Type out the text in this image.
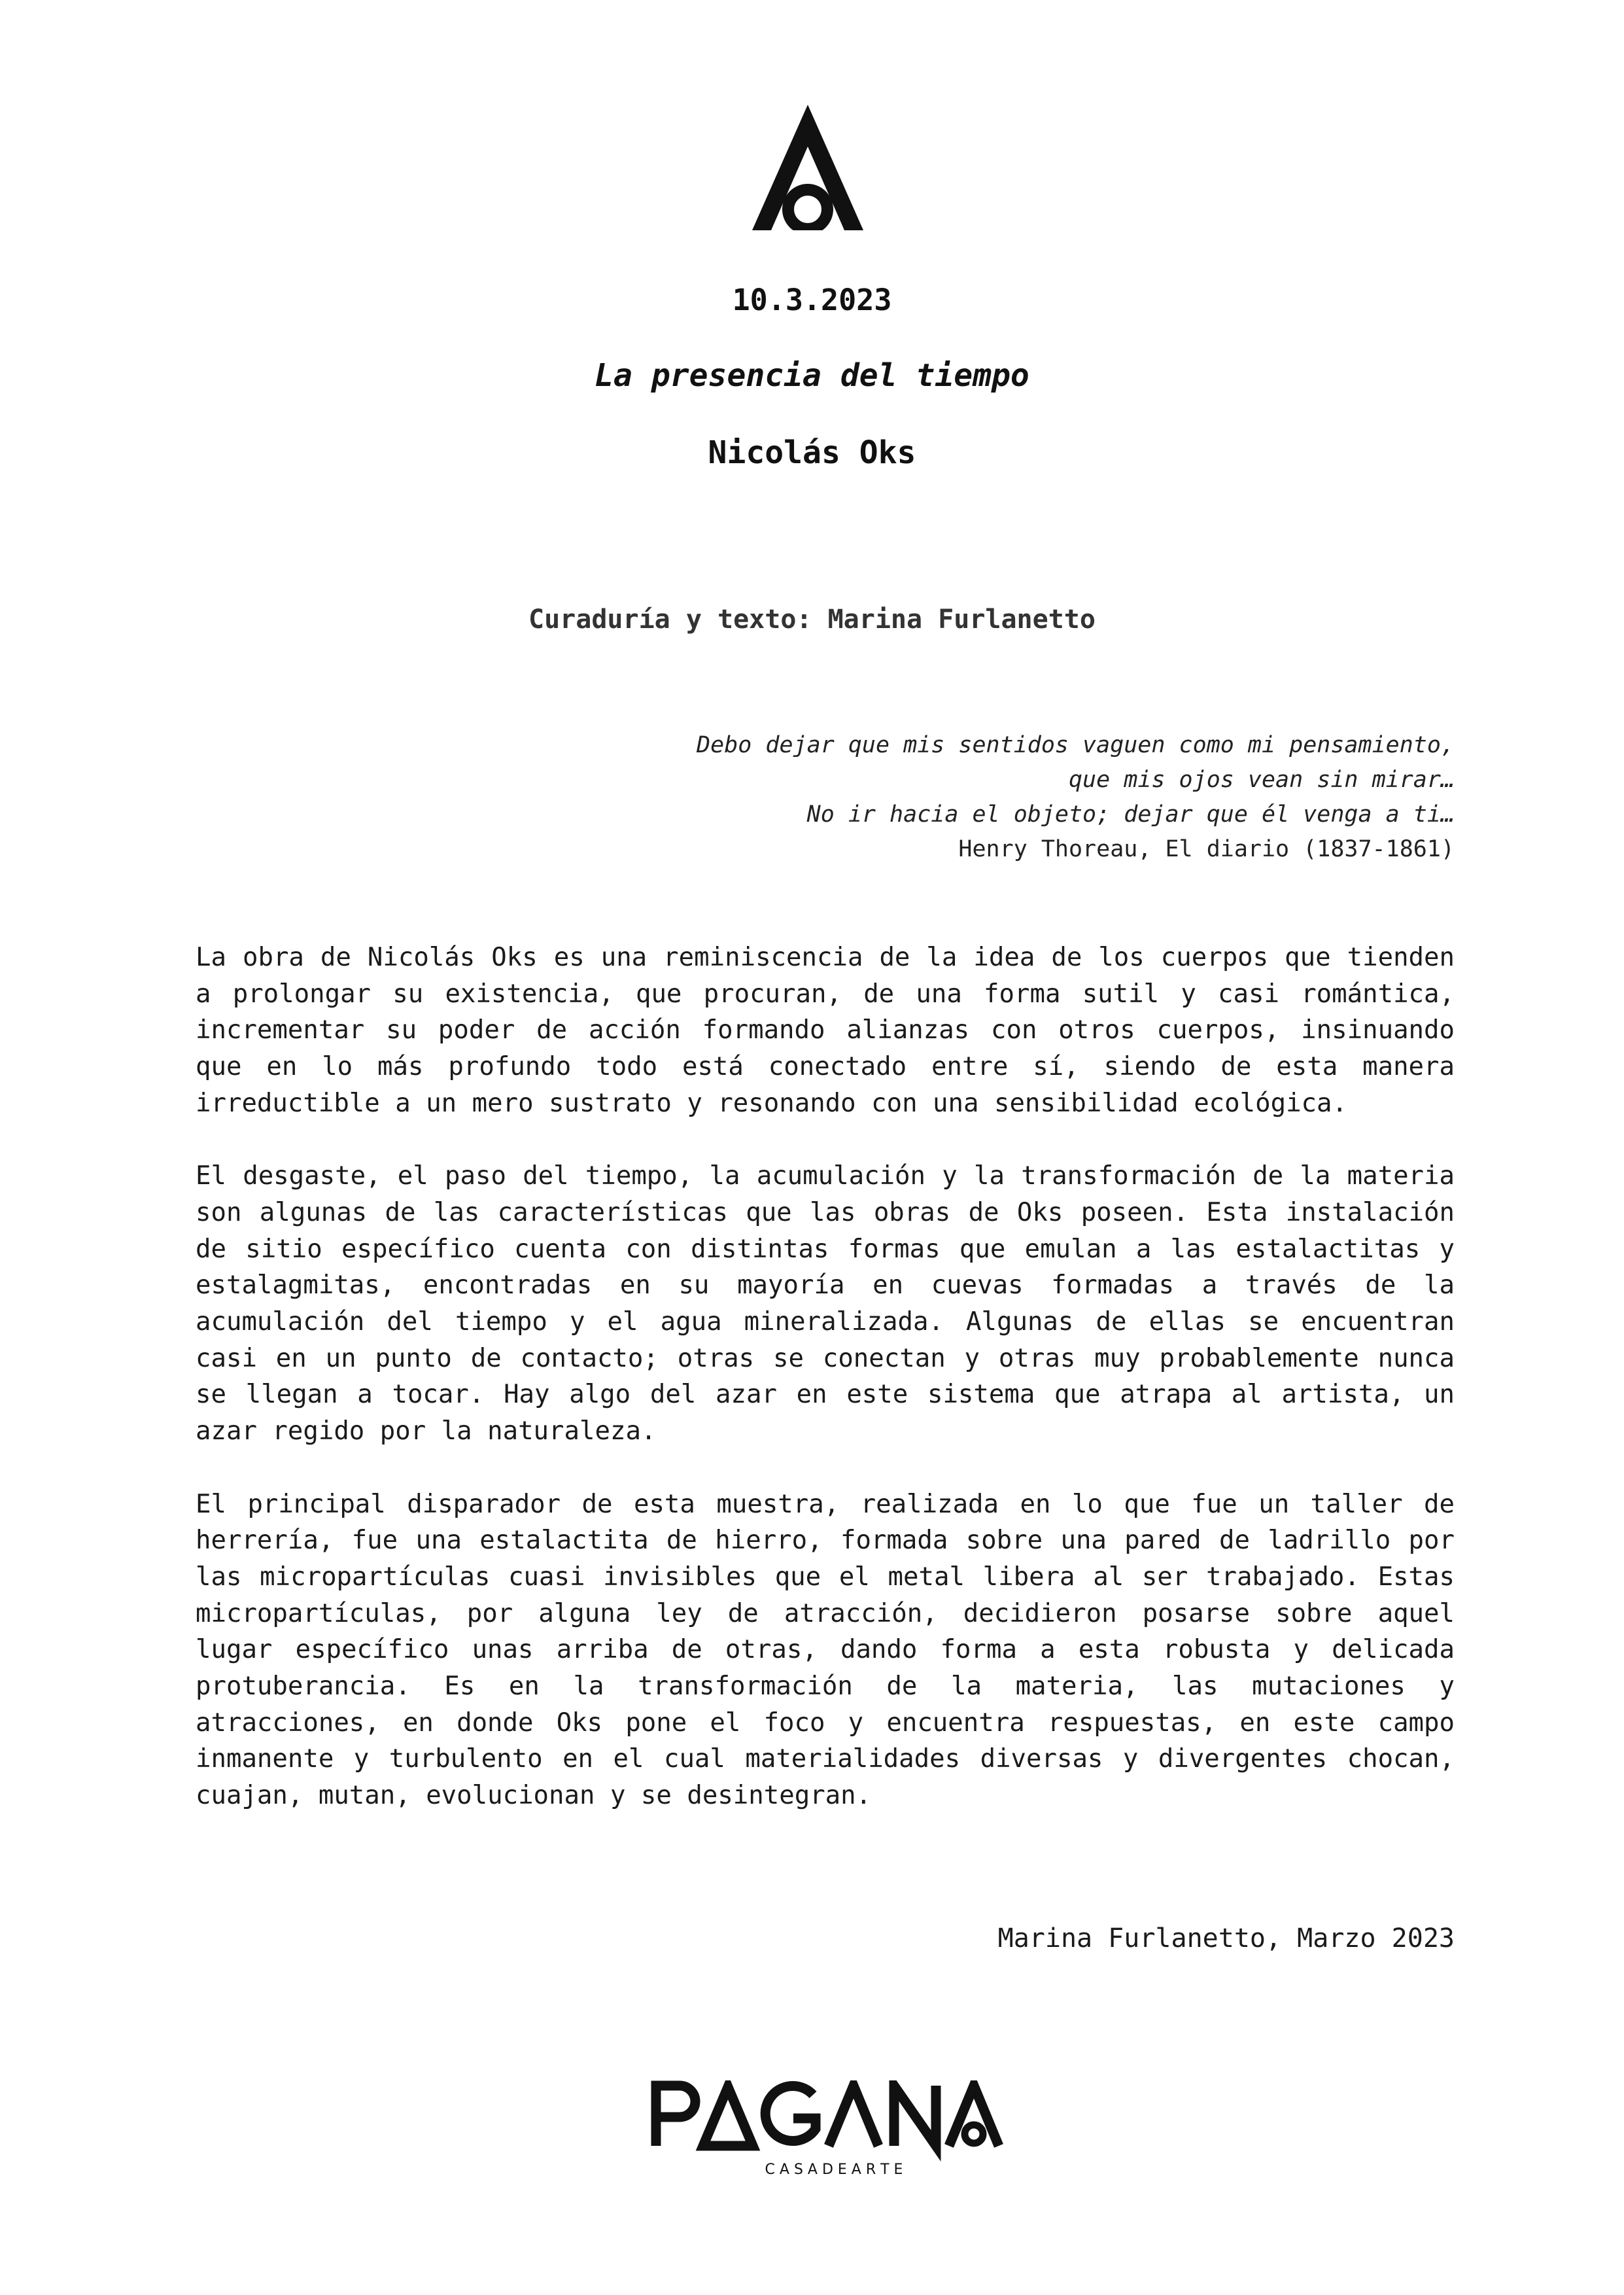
10.3.2023
La presencia del tiempo
Nicolás Oks
Curaduría y texto: Marina Furlanetto
Debo dejar que mis sentidos vaguen como mi pensamiento,
que mis ojos vean sin mirar…
No ir hacia el objeto; dejar que él venga a ti…
Henry Thoreau, El diario (1837-1861)

La obra de Nicolás Oks es una reminiscencia de la idea de los cuerpos que tienden a prolongar su existencia, que procuran, de una forma sutil y casi romántica, incrementar su poder de acción formando alianzas con otros cuerpos, insinuando que en lo más profundo todo está conectado entre sí, siendo de esta manera irreductible a un mero sustrato y resonando con una sensibilidad ecológica.

El desgaste, el paso del tiempo, la acumulación y la transformación de la materia son algunas de las características que las obras de Oks poseen. Esta instalación de sitio específico cuenta con distintas formas que emulan a las estalactitas y estalagmitas, encontradas en su mayoría en cuevas formadas a través de la acumulación del tiempo y el agua mineralizada. Algunas de ellas se encuentran casi en un punto de contacto; otras se conectan y otras muy probablemente nunca se llegan a tocar. Hay algo del azar en este sistema que atrapa al artista, un azar regido por la naturaleza.

El principal disparador de esta muestra, realizada en lo que fue un taller de herrería, fue una estalactita de hierro, formada sobre una pared de ladrillo por las micropartículas cuasi invisibles que el metal libera al ser trabajado. Estas micropartículas, por alguna ley de atracción, decidieron posarse sobre aquel lugar específico unas arriba de otras, dando forma a esta robusta y delicada protuberancia. Es en la transformación de la materia, las mutaciones y atracciones, en donde Oks pone el foco y encuentra respuestas, en este campo inmanente y turbulento en el cual materialidades diversas y divergentes chocan, cuajan, mutan, evolucionan y se desintegran.

Marina Furlanetto, Marzo 2023
C A S A D E A R T E
